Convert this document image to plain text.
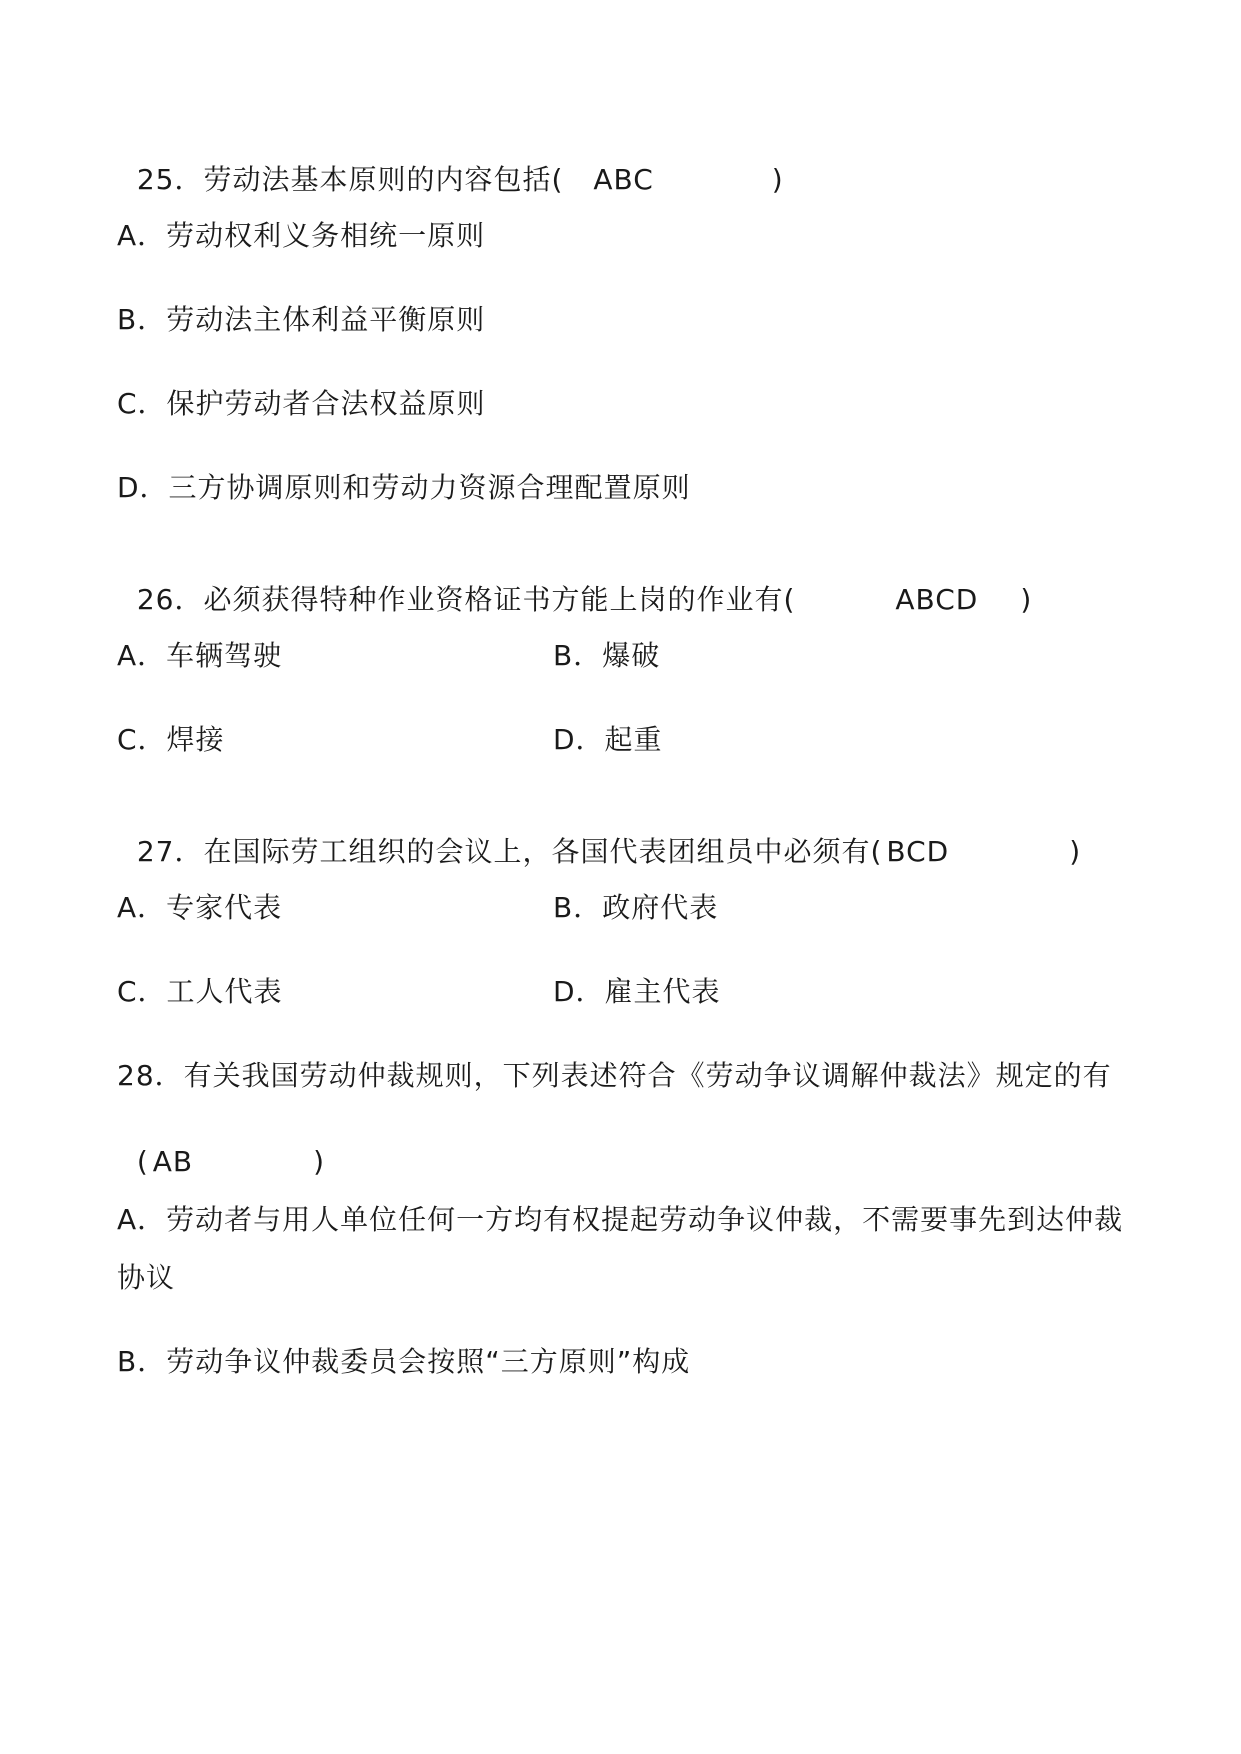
25．劳动法基本原则的内容包括( ABC	)

A．劳动权利义务相统一原则
B．劳动法主体利益平衡原则
C．保护劳动者合法权益原则
D．三方协调原则和劳动力资源合理配置原则

26．必须获得特种作业资格证书方能上岗的作业有(	ABCD )

A．车辆驾驶	B．爆破
C．焊接	D．起重

27．在国际劳工组织的会议上，各国代表团组员中必须有( BCD	)

A．专家代表	B．政府代表
C．工人代表	D．雇主代表
28．有关我国劳动仲裁规则，下列表述符合《劳动争议调解仲裁法》规定的有

( AB	)

A．劳动者与用人单位任何一方均有权提起劳动争议仲裁，不需要事先到达仲裁
协议
B．劳动争议仲裁委员会按照“三方原则”构成
